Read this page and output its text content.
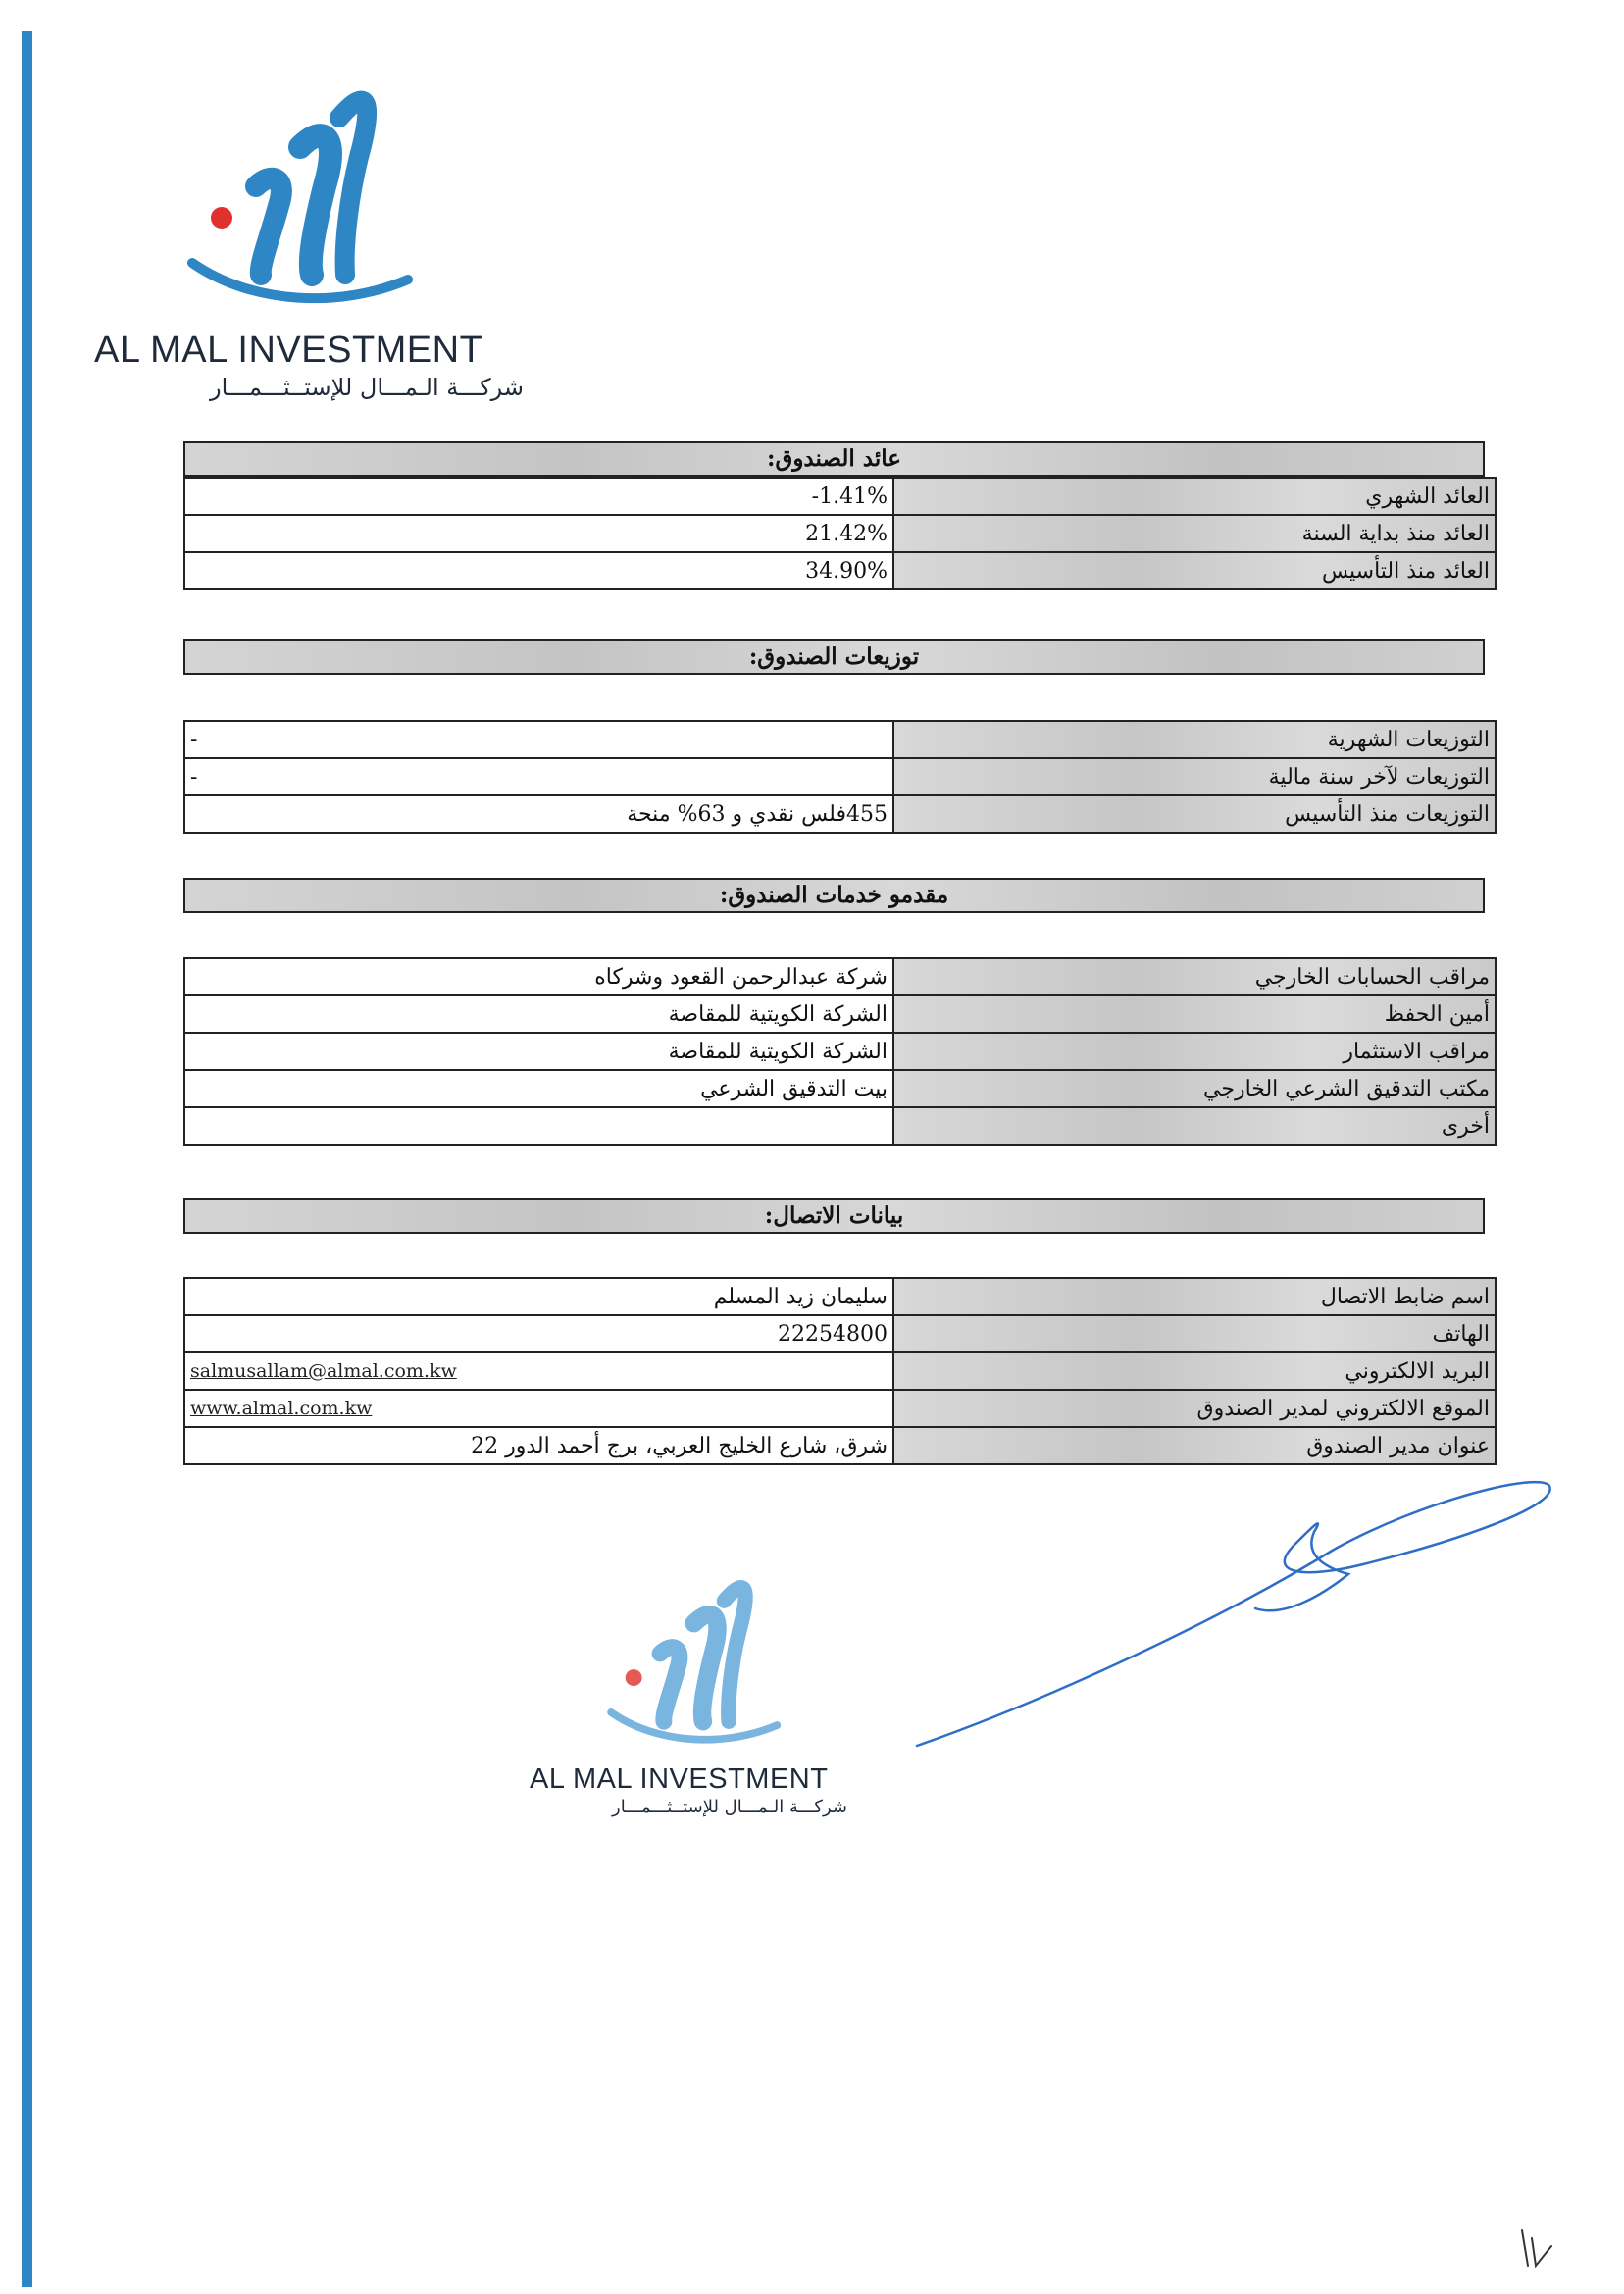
AL MAL INVESTMENT
شركـــة الـمـــال للإستــثـــمـــار
عائد الصندوق:
-1.41%	العائد الشهري
21.42%	العائد منذ بداية السنة
34.90%	العائد منذ التأسيس
توزيعات الصندوق:
-	التوزيعات الشهرية
-	التوزيعات لآخر سنة مالية
455فلس نقدي و 63% منحة	التوزيعات منذ التأسيس
مقدمو خدمات الصندوق:
شركة عبدالرحمن القعود وشركاه	مراقب الحسابات الخارجي
الشركة الكويتية للمقاصة	أمين الحفظ
الشركة الكويتية للمقاصة	مراقب الاستثمار
بيت التدقيق الشرعي	مكتب التدقيق الشرعي الخارجي
	أخرى
بيانات الاتصال:
سليمان زيد المسلم	اسم ضابط الاتصال
22254800	الهاتف
salmusallam@almal.com.kw	البريد الالكتروني
www.almal.com.kw	الموقع الالكتروني لمدير الصندوق
شرق، شارع الخليج العربي، برج أحمد الدور 22	عنوان مدير الصندوق
AL MAL INVESTMENT
شركـــة الـمـــال للإستــثـــمـــار
